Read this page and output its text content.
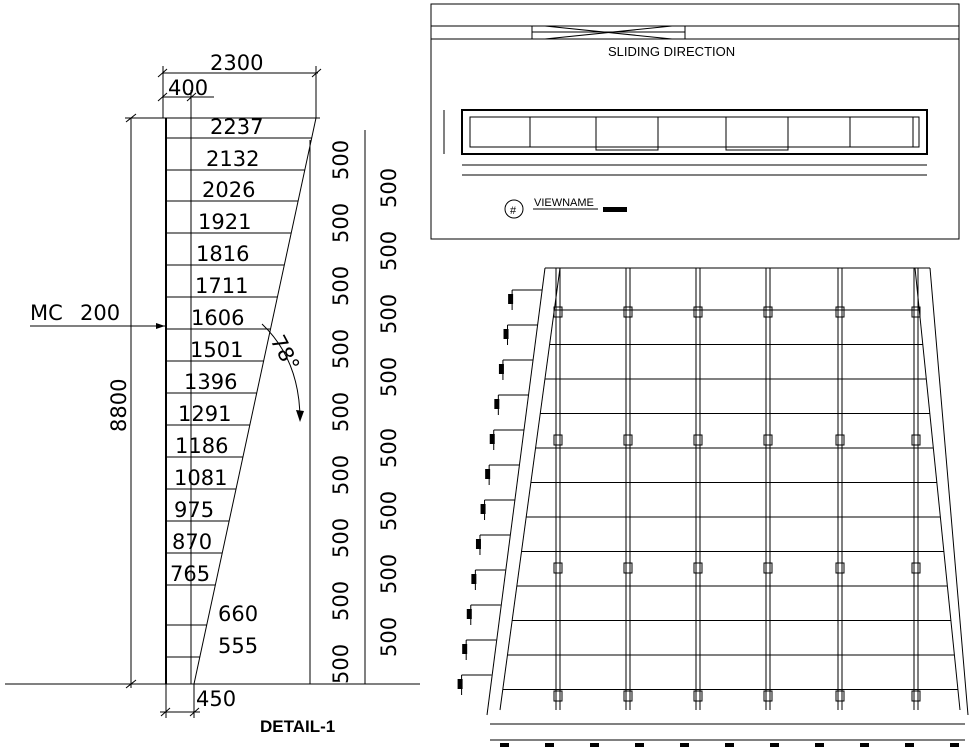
2237
2132
2026
1921
1816
1711
1606
1501
1396
1291
1186
1081
975
870
765
660
555
500
500
500
500
500
500
500
500
500
500
500
500
500
500
500
500
500
2300
400
450
MC 200
8800
78°
DETAIL-1
SLIDING DIRECTION
#
VIEWNAME
